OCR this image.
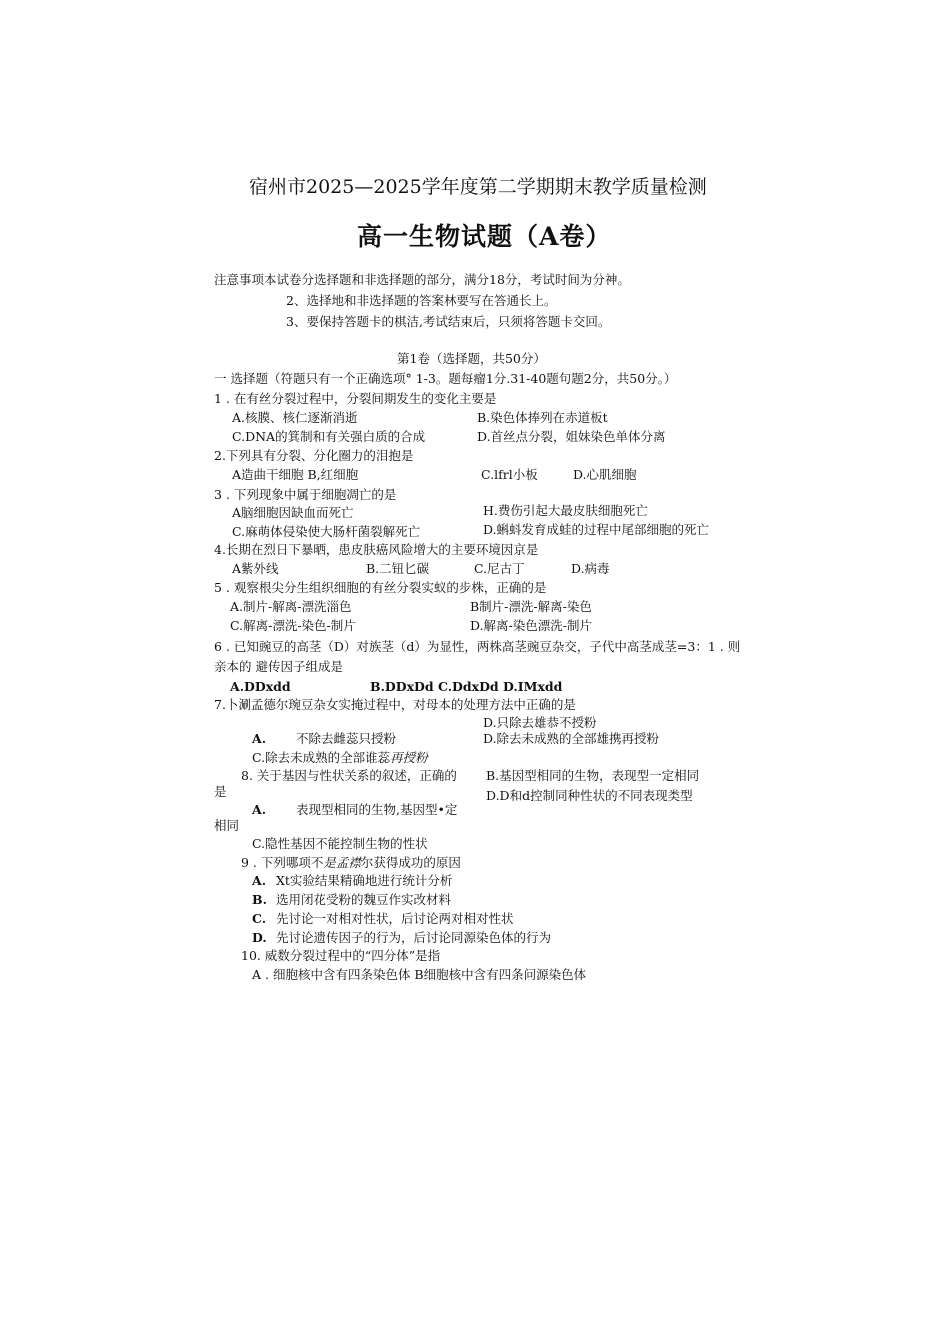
宿州市2025—2025学年度第二学期期末教学质量检测
高一生物试题（A卷）
注意事项本试卷分选择题和非选择题的部分，满分18分，考试时间为分神。
2、选择地和非选择题的答案林要写在答通长上。
3、要保持答题卡的棋洁,考试结束后，只须将答题卡交回。
第1卷（选择题，共50分）
一 选择题（符题只有一个正确选项° 1-3。题每瘤1分.31-40题句题2分，共50分。）
1 . 在有丝分裂过程中，分裂间期发生的变化主要是
A.核膜、核仁逐渐消逝	B.染色体捧列在赤道板t
C.DNA的箕制和有关强白质的合成	D.首丝点分裂，姐妹染色单体分离
2.下列具有分裂、分化圈力的泪抱是
A造曲干细胞 B,红细胞	C.lfrl小板	D.心肌细胞
3 . 下列现象中属于细胞凋亡的是
A脑细胞因缺血而死亡	H.费伤引起大最皮肤细胞死亡
C.麻萌体侵染使大肠杆菌裂解死亡	D.蝌蚪发育成蛙的过程中尾部细胞的死亡
4.长期在烈日下暴晒，患皮肤癌风险增大的主要环境因京是
A紫外线	B.二钮匕碳	C.尼古丁	D.病毒
5 . 观察根尖分生组织细胞的有丝分裂实蚁的步株，正确的是
A.制片-解离-漂洗淄色	B制片-漂洗-解离-染色
C.解离-漂洗-染色-制片	D.解离-染色漂洗-制片
6 . 已知豌豆的高茎（D）对族茎（d）为显性，两株高茎豌豆杂交，子代中高茎成茎=3：1 . 则
亲本的 避传因子组成是
A.DDxdd	B.DDxDd C.DdxDd D.IMxdd
7.卜涮孟德尔琬豆杂女实掩过程中，对母本的处理方法中正确的是
D.只除去雄恭不授粉
A. 不除去雌蕊只授粉	D.除去未成熟的全部雄携再授粉
C.除去未成熟的全部谁蕊再授粉
8. 关于基因与性状关系的叙述，正确的
是
B.基因型相同的生物，表现型一定相同
D.D和d控制同种性状的不同表现类型
A. 表现型相同的生物,基因型•定
相同
C.隐性基因不能控制生物的性状
9 . 下列哪项不是孟襟尔获得成功的原因
A. Xt实验结果精确地进行统计分析
B. 选用闭花受粉的魏豆作实改材料
C. 先讨论一对相对性状，后讨论两对相对性状
D. 先讨论遗传因子的行为，后讨论同源染色体的行为
10. 威数分裂过程中的“四分体”是指
A . 细胞核中含有四条染色体 B细胞核中含有四条问源染色体
